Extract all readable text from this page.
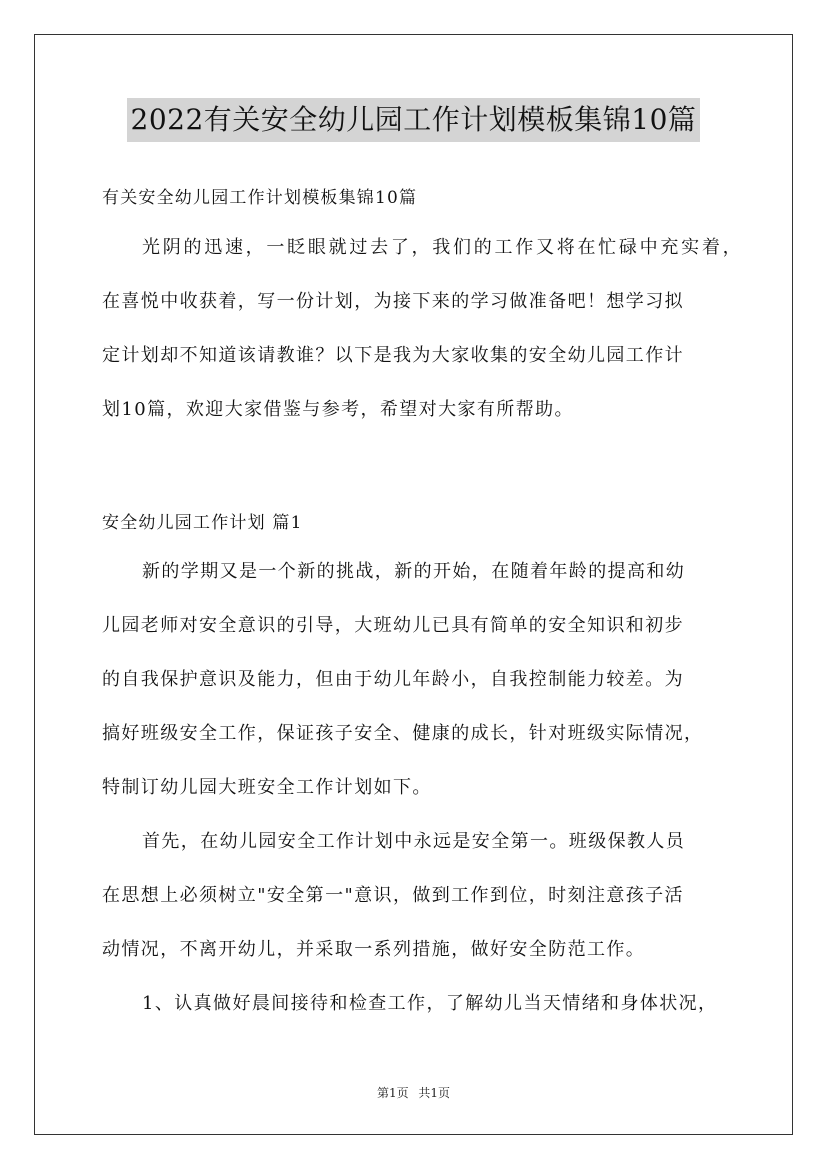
2022有关安全幼儿园工作计划模板集锦10篇

有关安全幼儿园工作计划模板集锦10篇

光阴的迅速，一眨眼就过去了，我们的工作又将在忙碌中充实着，
在喜悦中收获着，写一份计划，为接下来的学习做准备吧！想学习拟
定计划却不知道该请教谁？以下是我为大家收集的安全幼儿园工作计
划10篇，欢迎大家借鉴与参考，希望对大家有所帮助。

安全幼儿园工作计划 篇1

新的学期又是一个新的挑战，新的开始，在随着年龄的提高和幼
儿园老师对安全意识的引导，大班幼儿已具有简单的安全知识和初步
的自我保护意识及能力，但由于幼儿年龄小，自我控制能力较差。为
搞好班级安全工作，保证孩子安全、健康的成长，针对班级实际情况，
特制订幼儿园大班安全工作计划如下。
首先，在幼儿园安全工作计划中永远是安全第一。班级保教人员
在思想上必须树立"安全第一"意识，做到工作到位，时刻注意孩子活
动情况，不离开幼儿，并采取一系列措施，做好安全防范工作。
1、认真做好晨间接待和检查工作，了解幼儿当天情绪和身体状况，
第1页 共1页
